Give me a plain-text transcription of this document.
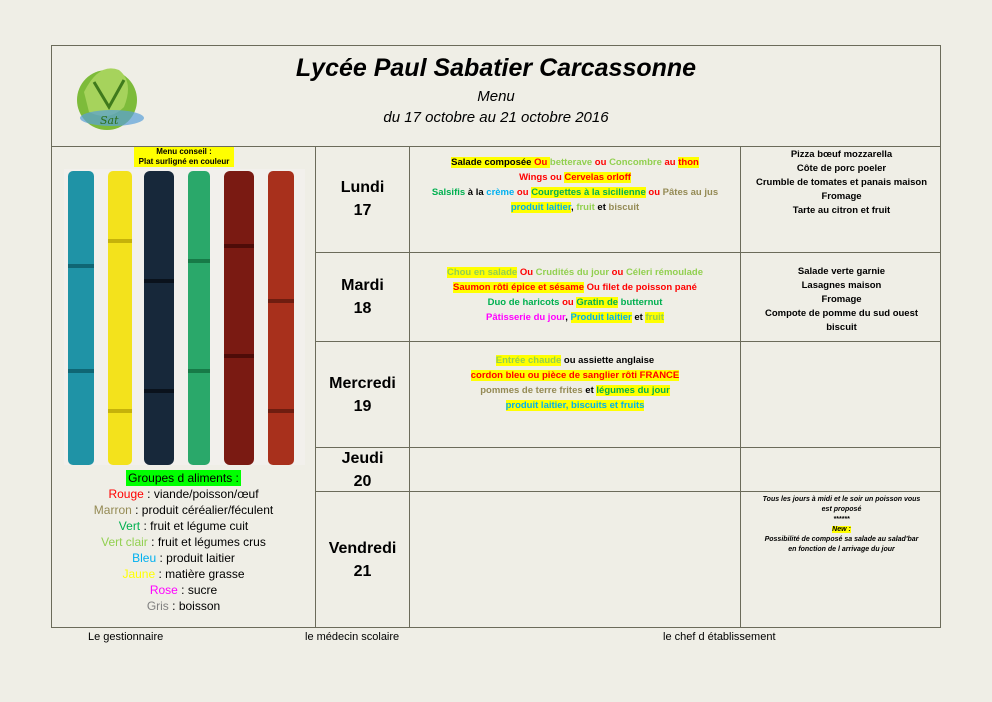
Sat
Lycée Paul Sabatier Carcassonne
Menu
du 17 octobre au 21 octobre 2016
Menu conseil :
Plat surligné en couleur
Groupes d aliments :
Rouge : viande/poisson/œuf
Marron : produit céréalier/féculent
Vert : fruit et légume cuit
Vert clair : fruit et légumes crus
Bleu : produit laitier
Jaune : matière grasse
Rose : sucre
Gris : boisson
Lundi
17
Salade composée Ou betterave ou Concombre au thon
Wings ou Cervelas orloff
Salsifis à la crème ou Courgettes à la sicilienne ou Pâtes au jus
produit laitier, fruit et biscuit
Pizza bœuf mozzarella
Côte de porc poeler
Crumble de tomates et panais maison
Fromage
Tarte au citron et fruit
Mardi
18
Chou en salade Ou Crudités du jour ou Céleri rémoulade
Saumon rôti épice et sésame Ou filet de poisson pané
Duo de haricots ou Gratin de butternut
Pâtisserie du jour, Produit laitier et fruit
Salade verte garnie
Lasagnes maison
Fromage
Compote de pomme du sud ouest
biscuit
Mercredi
19
Entrée chaude ou assiette anglaise
cordon bleu ou pièce de sanglier rôti FRANCE
pommes de terre frites et légumes du jour
produit laitier, biscuits et fruits
Jeudi
20
Vendredi
21
Tous les jours à midi et le soir un poisson vous
est proposé
******
New :
Possibilité de composé sa salade au salad'bar
en fonction de l arrivage du jour
Le gestionnaire	le médecin scolaire	le chef d établissement
